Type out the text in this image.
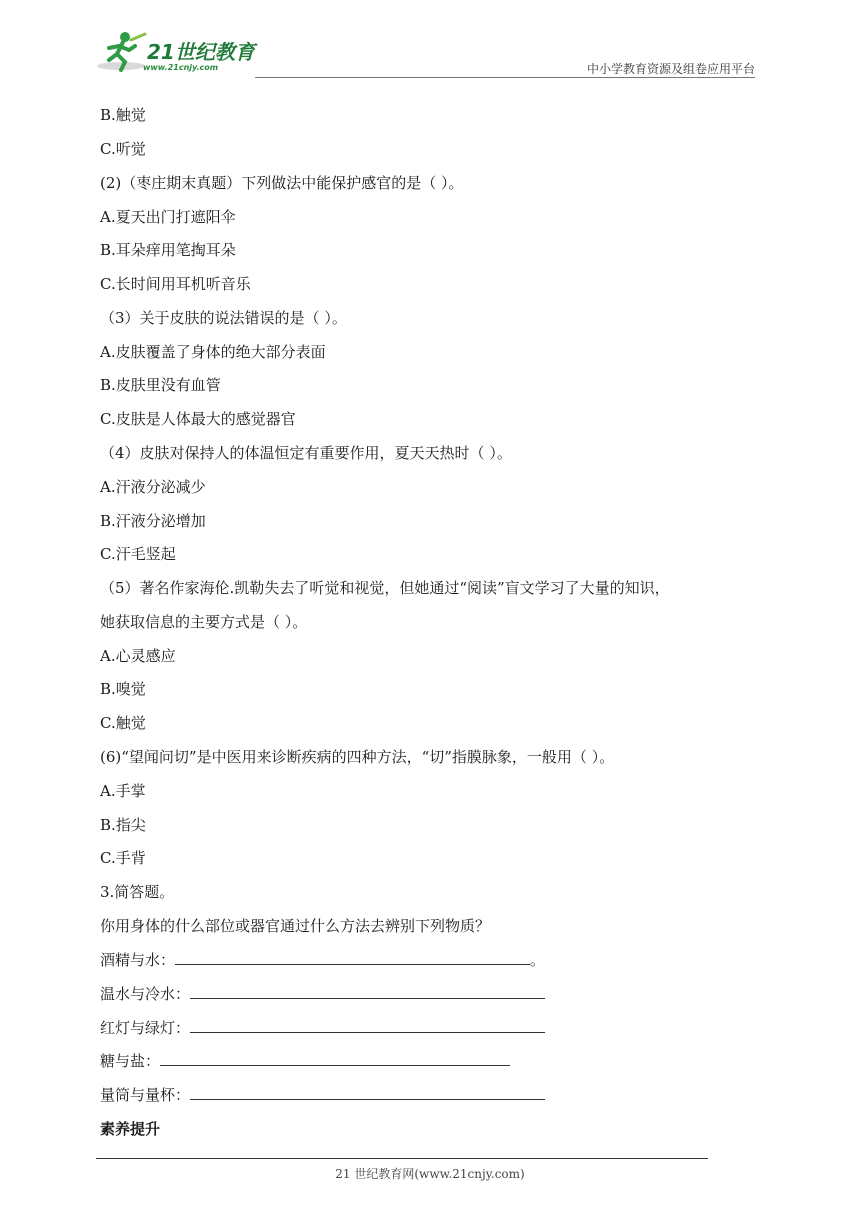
21世纪教育
www.21cnjy.com	中小学教育资源及组卷应用平台
B.触觉
C.听觉
(2)（枣庄期末真题）下列做法中能保护感官的是（ ）。
A.夏天出门打遮阳伞
B.耳朵痒用笔掏耳朵
C.长时间用耳机听音乐
（3）关于皮肤的说法错误的是（ ）。
A.皮肤覆盖了身体的绝大部分表面
B.皮肤里没有血管
C.皮肤是人体最大的感觉器官
（4）皮肤对保持人的体温恒定有重要作用，夏天天热时（ ）。
A.汗液分泌减少
B.汗液分泌增加
C.汗毛竖起
（5）著名作家海伦.凯勒失去了听觉和视觉，但她通过“阅读”盲文学习了大量的知识，
她获取信息的主要方式是（ ）。
A.心灵感应
B.嗅觉
C.触觉
(6)“望闻问切”是中医用来诊断疾病的四种方法，“切”指膜脉象，一般用（ ）。
A.手掌
B.指尖
C.手背
3.简答题。
你用身体的什么部位或器官通过什么方法去辨别下列物质？
酒精与水：	。
温水与冷水：
红灯与绿灯：
糖与盐：
量筒与量杯：
素养提升
21 世纪教育网(www.21cnjy.com)
